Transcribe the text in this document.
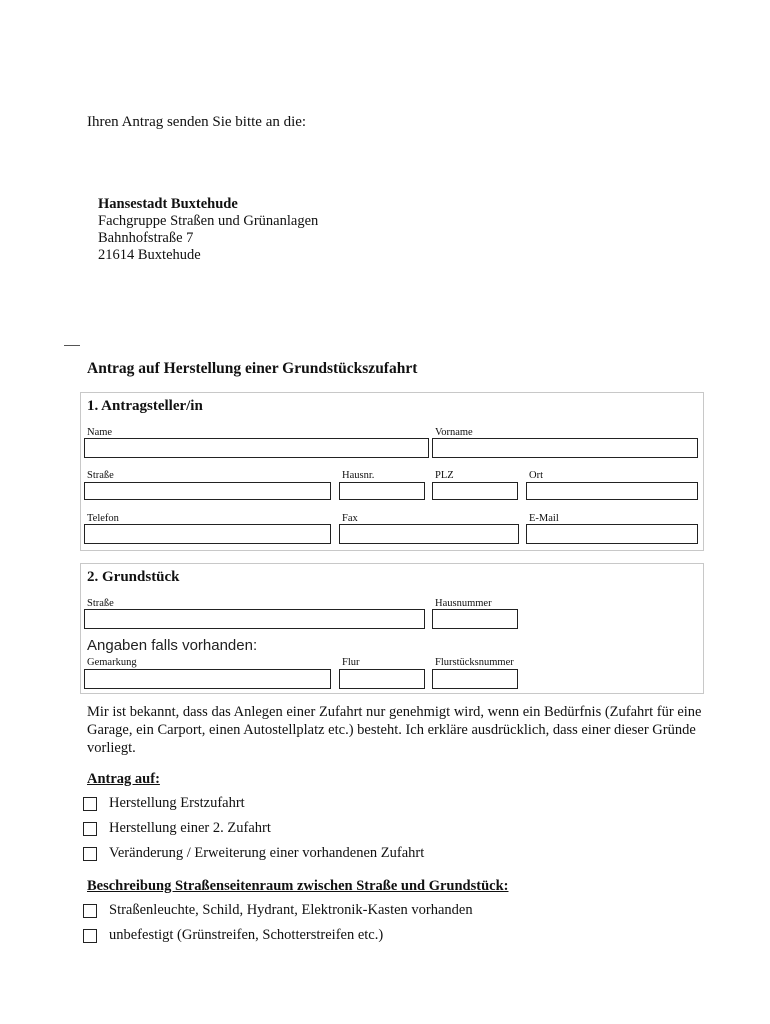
Ihren Antrag senden Sie bitte an die:
Hansestadt Buxtehude
Fachgruppe Straßen und Grünanlagen
Bahnhofstraße 7
21614 Buxtehude
Antrag auf Herstellung einer Grundstückszufahrt
1. Antragsteller/in
Name	Vorname
Straße	Hausnr.	PLZ	Ort
Telefon	Fax	E-Mail
2. Grundstück
Straße	Hausnummer
Angaben falls vorhanden:
Gemarkung	Flur	Flurstücksnummer
Mir ist bekannt, dass das Anlegen einer Zufahrt nur genehmigt wird, wenn ein Bedürfnis (Zufahrt für eine Garage, ein Carport, einen Autostellplatz etc.) besteht. Ich erkläre ausdrücklich, dass einer dieser Gründe vorliegt.
Antrag auf:
Herstellung Erstzufahrt
Herstellung einer 2. Zufahrt
Veränderung / Erweiterung einer vorhandenen Zufahrt
Beschreibung Straßenseitenraum zwischen Straße und Grundstück:
Straßenleuchte, Schild, Hydrant, Elektronik-Kasten vorhanden
unbefestigt (Grünstreifen, Schotterstreifen etc.)
